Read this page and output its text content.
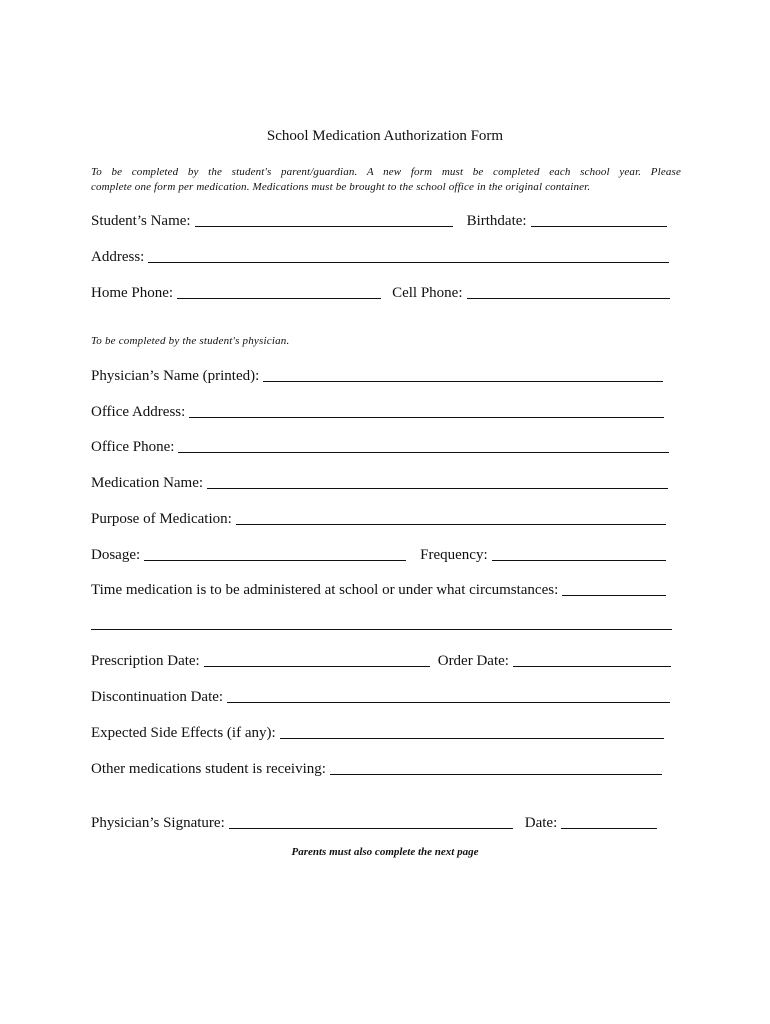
School Medication Authorization Form
To be completed by the student's parent/guardian. A new form must be completed each school year. Please
complete one form per medication. Medications must be brought to the school office in the original container.
Student’s Name:	Birthdate:
Address:
Home Phone:	Cell Phone:
To be completed by the student's physician.
Physician’s Name (printed):
Office Address:
Office Phone:
Medication Name:
Purpose of Medication:
Dosage:	Frequency:
Time medication is to be administered at school or under what circumstances:
Prescription Date:	Order Date:
Discontinuation Date:
Expected Side Effects (if any):
Other medications student is receiving:
Physician’s Signature:	Date:
Parents must also complete the next page
